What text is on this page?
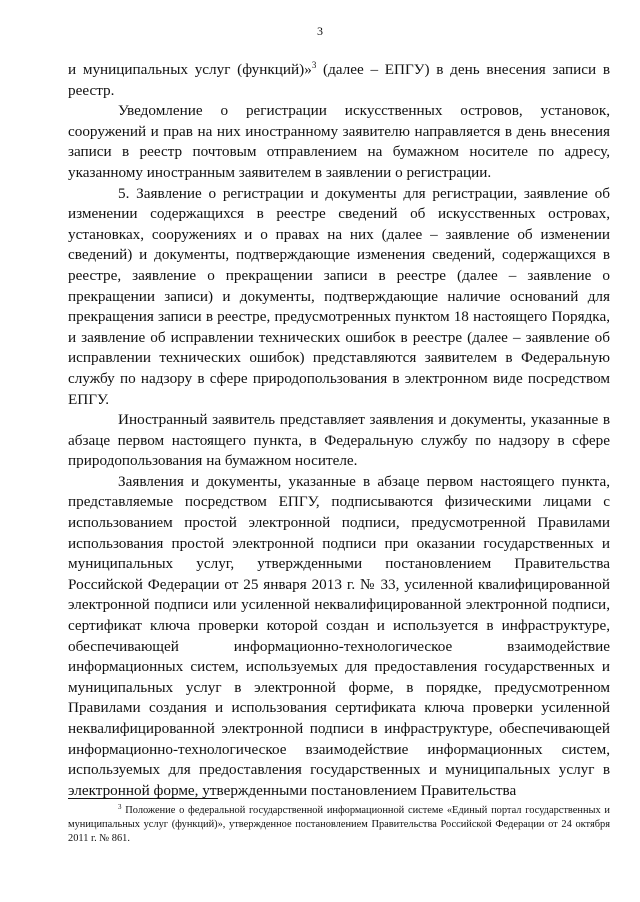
3

и муниципальных услуг (функций)»$^3$ (далее – ЕПГУ) в день внесения записи в реестр.

Уведомление о регистрации искусственных островов, установок, сооружений и прав на них иностранному заявителю направляется в день внесения записи в реестр почтовым отправлением на бумажном носителе по адресу, указанному иностранным заявителем в заявлении о регистрации.

5. Заявление о регистрации и документы для регистрации, заявление об изменении содержащихся в реестре сведений об искусственных островах, установках, сооружениях и о правах на них (далее – заявление об изменении сведений) и документы, подтверждающие изменения сведений, содержащихся в реестре, заявление о прекращении записи в реестре (далее – заявление о прекращении записи) и документы, подтверждающие наличие оснований для прекращения записи в реестре, предусмотренных пунктом 18 настоящего Порядка, и заявление об исправлении технических ошибок в реестре (далее – заявление об исправлении технических ошибок) представляются заявителем в Федеральную службу по надзору в сфере природопользования в электронном виде посредством ЕПГУ.

Иностранный заявитель представляет заявления и документы, указанные в абзаце первом настоящего пункта, в Федеральную службу по надзору в сфере природопользования на бумажном носителе.

Заявления и документы, указанные в абзаце первом настоящего пункта, представляемые посредством ЕПГУ, подписываются физическими лицами с использованием простой электронной подписи, предусмотренной Правилами использования простой электронной подписи при оказании государственных и муниципальных услуг, утвержденными постановлением Правительства Российской Федерации от 25 января 2013 г. № 33, усиленной квалифицированной электронной подписи или усиленной неквалифицированной электронной подписи, сертификат ключа проверки которой создан и используется в инфраструктуре, обеспечивающей информационно-технологическое взаимодействие информационных систем, используемых для предоставления государственных и муниципальных услуг в электронной форме, в порядке, предусмотренном Правилами создания и использования сертификата ключа проверки усиленной неквалифицированной электронной подписи в инфраструктуре, обеспечивающей информационно-технологическое взаимодействие информационных систем, используемых для предоставления государственных и муниципальных услуг в электронной форме, утвержденными постановлением Правительства

$^3$ Положение о федеральной государственной информационной системе «Единый портал государственных и муниципальных услуг (функций)», утвержденное постановлением Правительства Российской Федерации от 24 октября 2011 г. № 861.
